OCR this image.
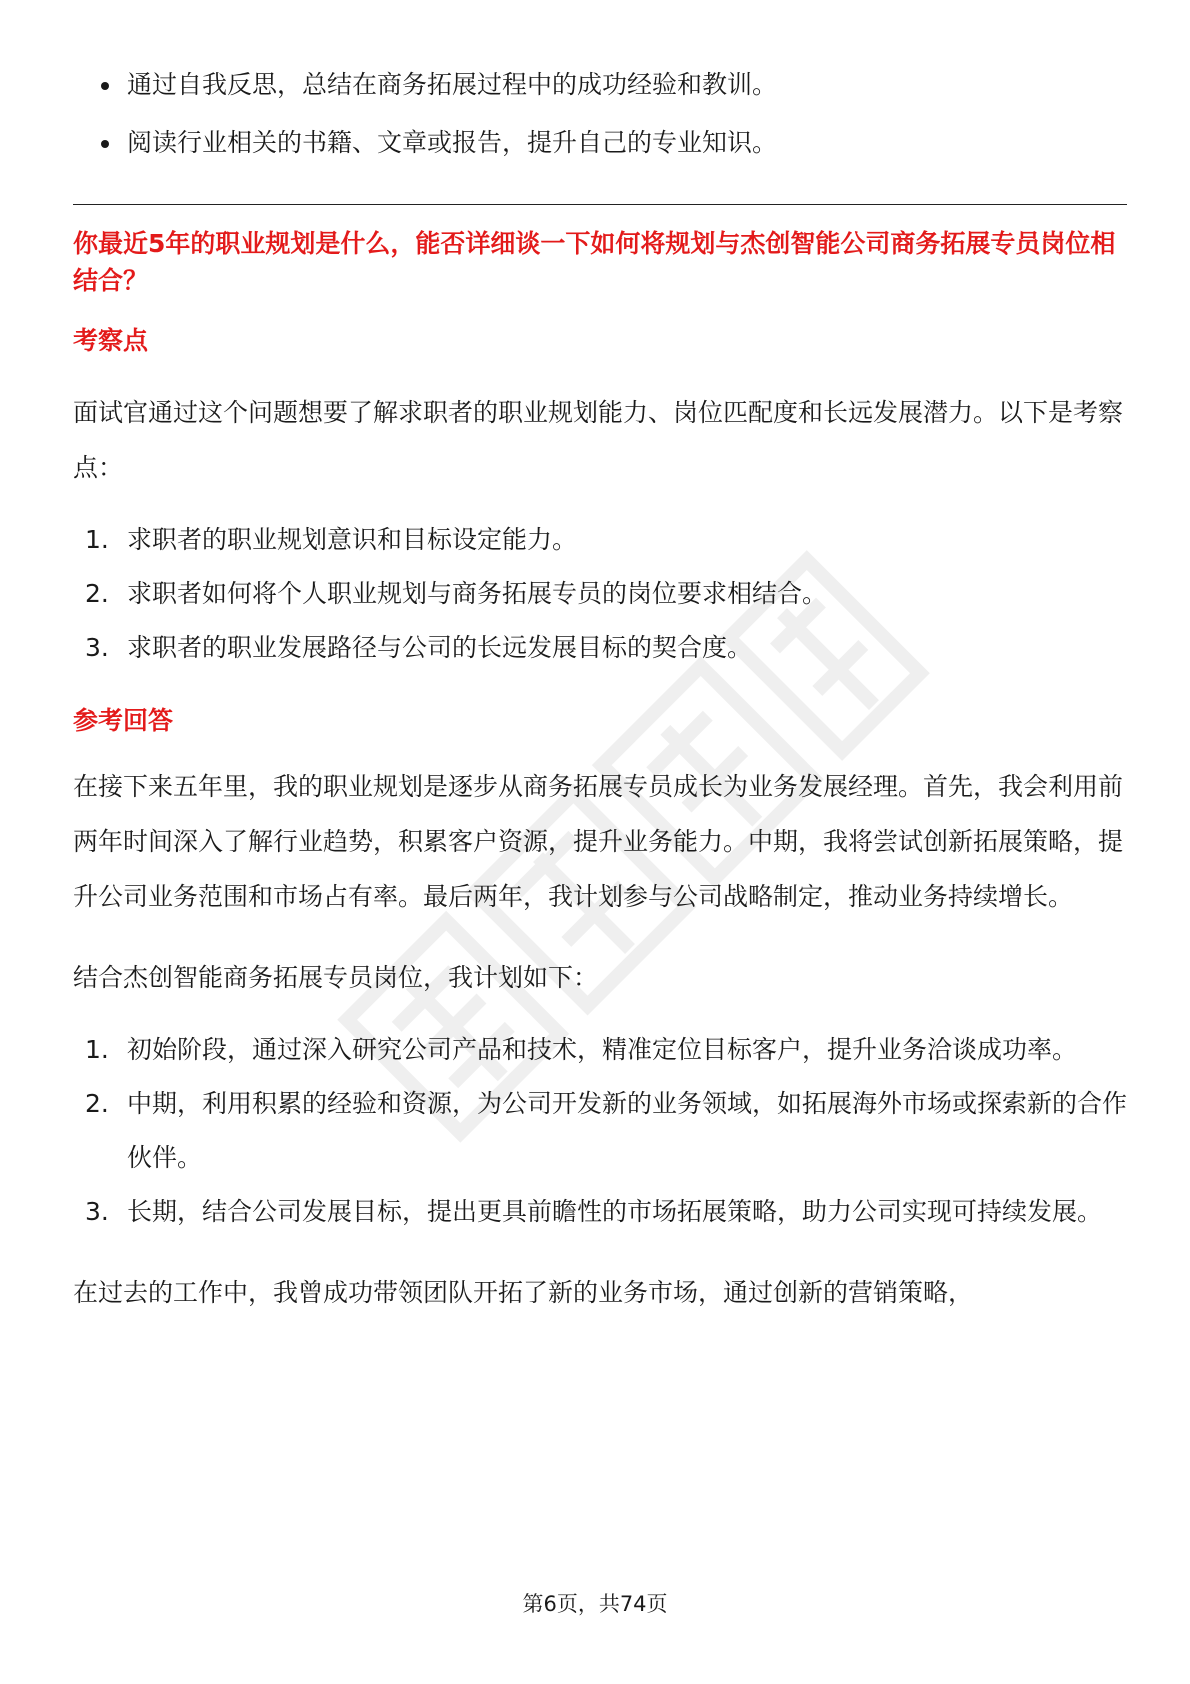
通过自我反思，总结在商务拓展过程中的成功经验和教训。
阅读行业相关的书籍、文章或报告，提升自己的专业知识。
你最近5年的职业规划是什么，能否详细谈一下如何将规划与杰创智能公司商务拓展专员岗位相结合？
考察点

面试官通过这个问题想要了解求职者的职业规划能力、岗位匹配度和长远发展潜力。以下是考察点：

1. 求职者的职业规划意识和目标设定能力。
2. 求职者如何将个人职业规划与商务拓展专员的岗位要求相结合。
3. 求职者的职业发展路径与公司的长远发展目标的契合度。
参考回答

在接下来五年里，我的职业规划是逐步从商务拓展专员成长为业务发展经理。首先，我会利用前两年时间深入了解行业趋势，积累客户资源，提升业务能力。中期，我将尝试创新拓展策略，提升公司业务范围和市场占有率。最后两年，我计划参与公司战略制定，推动业务持续增长。

结合杰创智能商务拓展专员岗位，我计划如下：

1. 初始阶段，通过深入研究公司产品和技术，精准定位目标客户，提升业务洽谈成功率。
2. 中期，利用积累的经验和资源，为公司开发新的业务领域，如拓展海外市场或探索新的合作伙伴。
3. 长期，结合公司发展目标，提出更具前瞻性的市场拓展策略，助力公司实现可持续发展。

在过去的工作中，我曾成功带领团队开拓了新的业务市场，通过创新的营销策略，

第6页，共74页
